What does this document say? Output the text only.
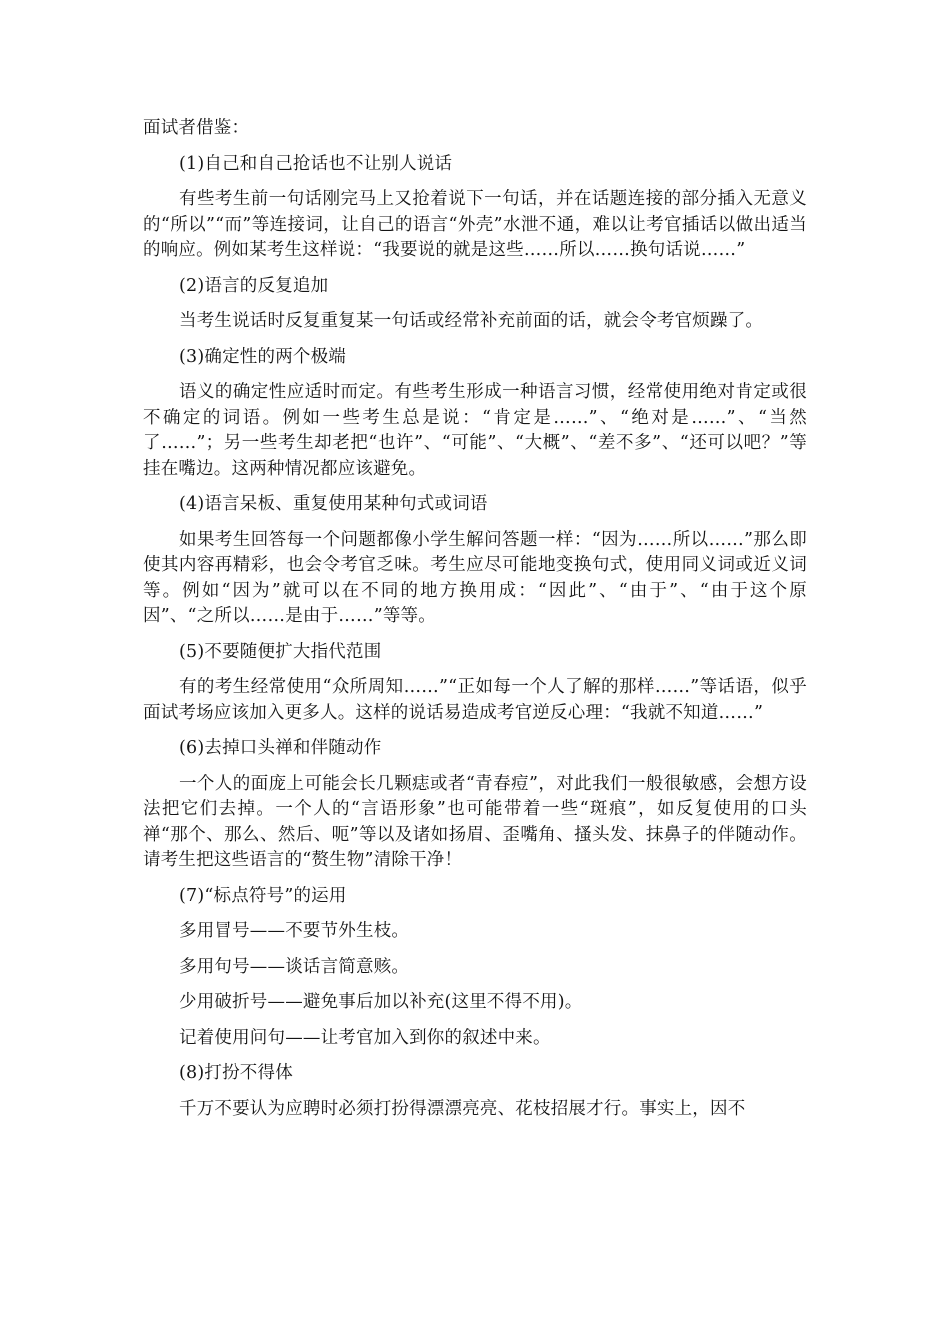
面试者借鉴：

(1)自己和自己抢话也不让别人说话

有些考生前一句话刚完马上又抢着说下一句话，并在话题连接的部分插入无意义的“所以”“而”等连接词，让自己的语言“外壳”水泄不通，难以让考官插话以做出适当的响应。例如某考生这样说：“我要说的就是这些……所以……换句话说……”

(2)语言的反复追加

当考生说话时反复重复某一句话或经常补充前面的话，就会令考官烦躁了。

(3)确定性的两个极端

语义的确定性应适时而定。有些考生形成一种语言习惯，经常使用绝对肯定或很不确定的词语。例如一些考生总是说：“肯定是……”、“绝对是……”、“当然了……”；另一些考生却老把“也许”、“可能”、“大概”、“差不多”、“还可以吧？”等挂在嘴边。这两种情况都应该避免。

(4)语言呆板、重复使用某种句式或词语

如果考生回答每一个问题都像小学生解问答题一样：“因为……所以……”那么即使其内容再精彩，也会令考官乏味。考生应尽可能地变换句式，使用同义词或近义词等。例如“因为”就可以在不同的地方换用成：“因此”、“由于”、“由于这个原因”、“之所以……是由于……”等等。

(5)不要随便扩大指代范围

有的考生经常使用“众所周知……”“正如每一个人了解的那样……”等话语，似乎面试考场应该加入更多人。这样的说话易造成考官逆反心理：“我就不知道……”

(6)去掉口头禅和伴随动作

一个人的面庞上可能会长几颗痣或者“青春痘”，对此我们一般很敏感，会想方设法把它们去掉。一个人的“言语形象”也可能带着一些“斑痕”，如反复使用的口头禅“那个、那么、然后、呃”等以及诸如扬眉、歪嘴角、搔头发、抹鼻子的伴随动作。请考生把这些语言的“赘生物”清除干净！

(7)“标点符号”的运用

多用冒号——不要节外生枝。

多用句号——谈话言简意赅。

少用破折号——避免事后加以补充(这里不得不用)。

记着使用问句——让考官加入到你的叙述中来。

(8)打扮不得体

千万不要认为应聘时必须打扮得漂漂亮亮、花枝招展才行。事实上，因不
